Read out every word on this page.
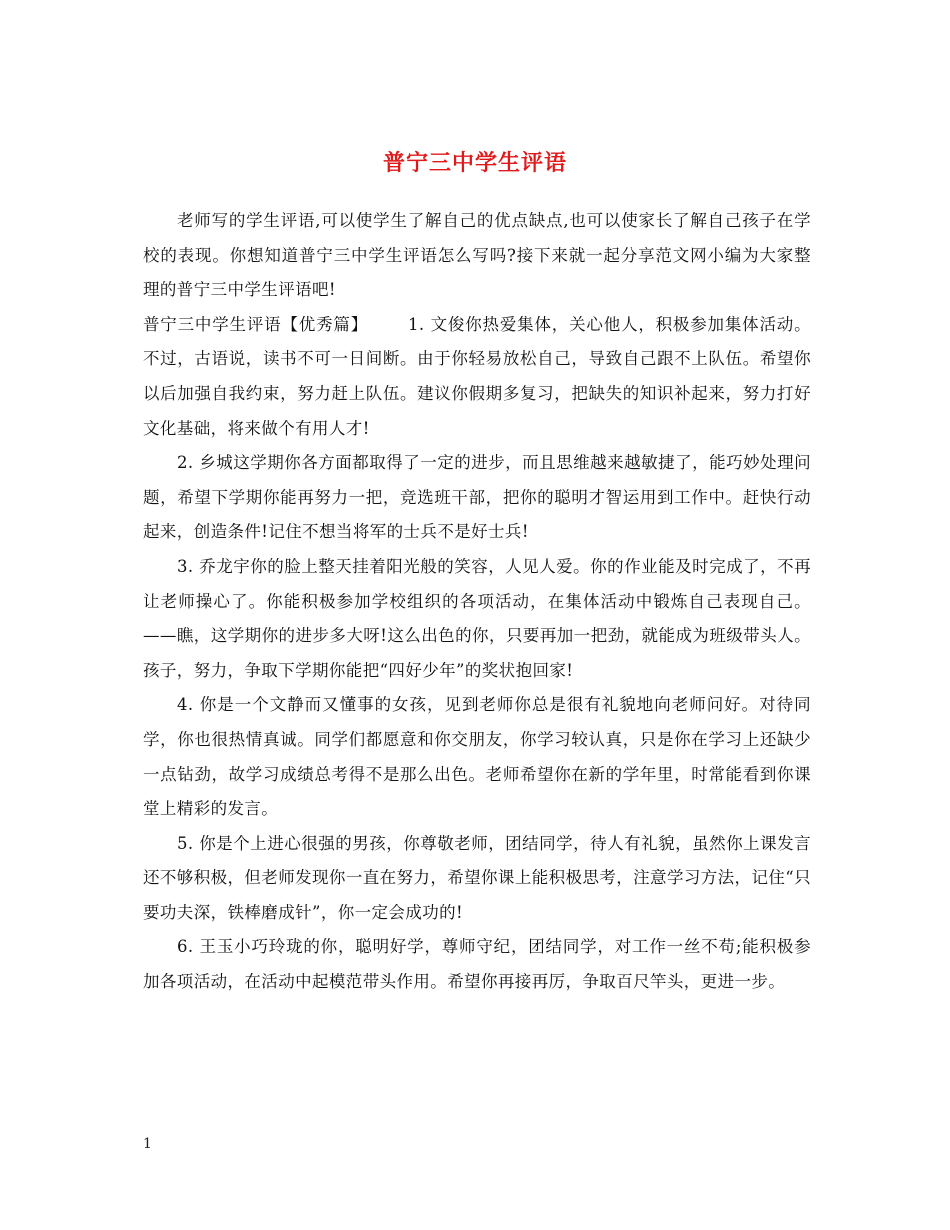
普宁三中学生评语

老师写的学生评语,可以使学生了解自己的优点缺点,也可以使家长了解自己孩子在学校的表现。你想知道普宁三中学生评语怎么写吗?接下来就一起分享范文网小编为大家整理的普宁三中学生评语吧!

普宁三中学生评语【优秀篇】 1. 文俊你热爱集体，关心他人，积极参加集体活动。不过，古语说，读书不可一日间断。由于你轻易放松自己，导致自己跟不上队伍。希望你以后加强自我约束，努力赶上队伍。建议你假期多复习，把缺失的知识补起来，努力打好文化基础，将来做个有用人才!

2. 乡城这学期你各方面都取得了一定的进步，而且思维越来越敏捷了，能巧妙处理问题，希望下学期你能再努力一把，竞选班干部，把你的聪明才智运用到工作中。赶快行动起来，创造条件!记住不想当将军的士兵不是好士兵!

3. 乔龙宇你的脸上整天挂着阳光般的笑容，人见人爱。你的作业能及时完成了，不再让老师操心了。你能积极参加学校组织的各项活动，在集体活动中锻炼自己表现自己。——瞧，这学期你的进步多大呀!这么出色的你，只要再加一把劲，就能成为班级带头人。孩子，努力，争取下学期你能把“四好少年”的奖状抱回家!

4. 你是一个文静而又懂事的女孩，见到老师你总是很有礼貌地向老师问好。对待同学，你也很热情真诚。同学们都愿意和你交朋友，你学习较认真，只是你在学习上还缺少一点钻劲，故学习成绩总考得不是那么出色。老师希望你在新的学年里，时常能看到你课堂上精彩的发言。

5. 你是个上进心很强的男孩，你尊敬老师，团结同学，待人有礼貌，虽然你上课发言还不够积极，但老师发现你一直在努力，希望你课上能积极思考，注意学习方法，记住“只要功夫深，铁棒磨成针”，你一定会成功的!

6. 王玉小巧玲珑的你，聪明好学，尊师守纪，团结同学，对工作一丝不苟;能积极参加各项活动，在活动中起模范带头作用。希望你再接再厉，争取百尺竿头，更进一步。

1
